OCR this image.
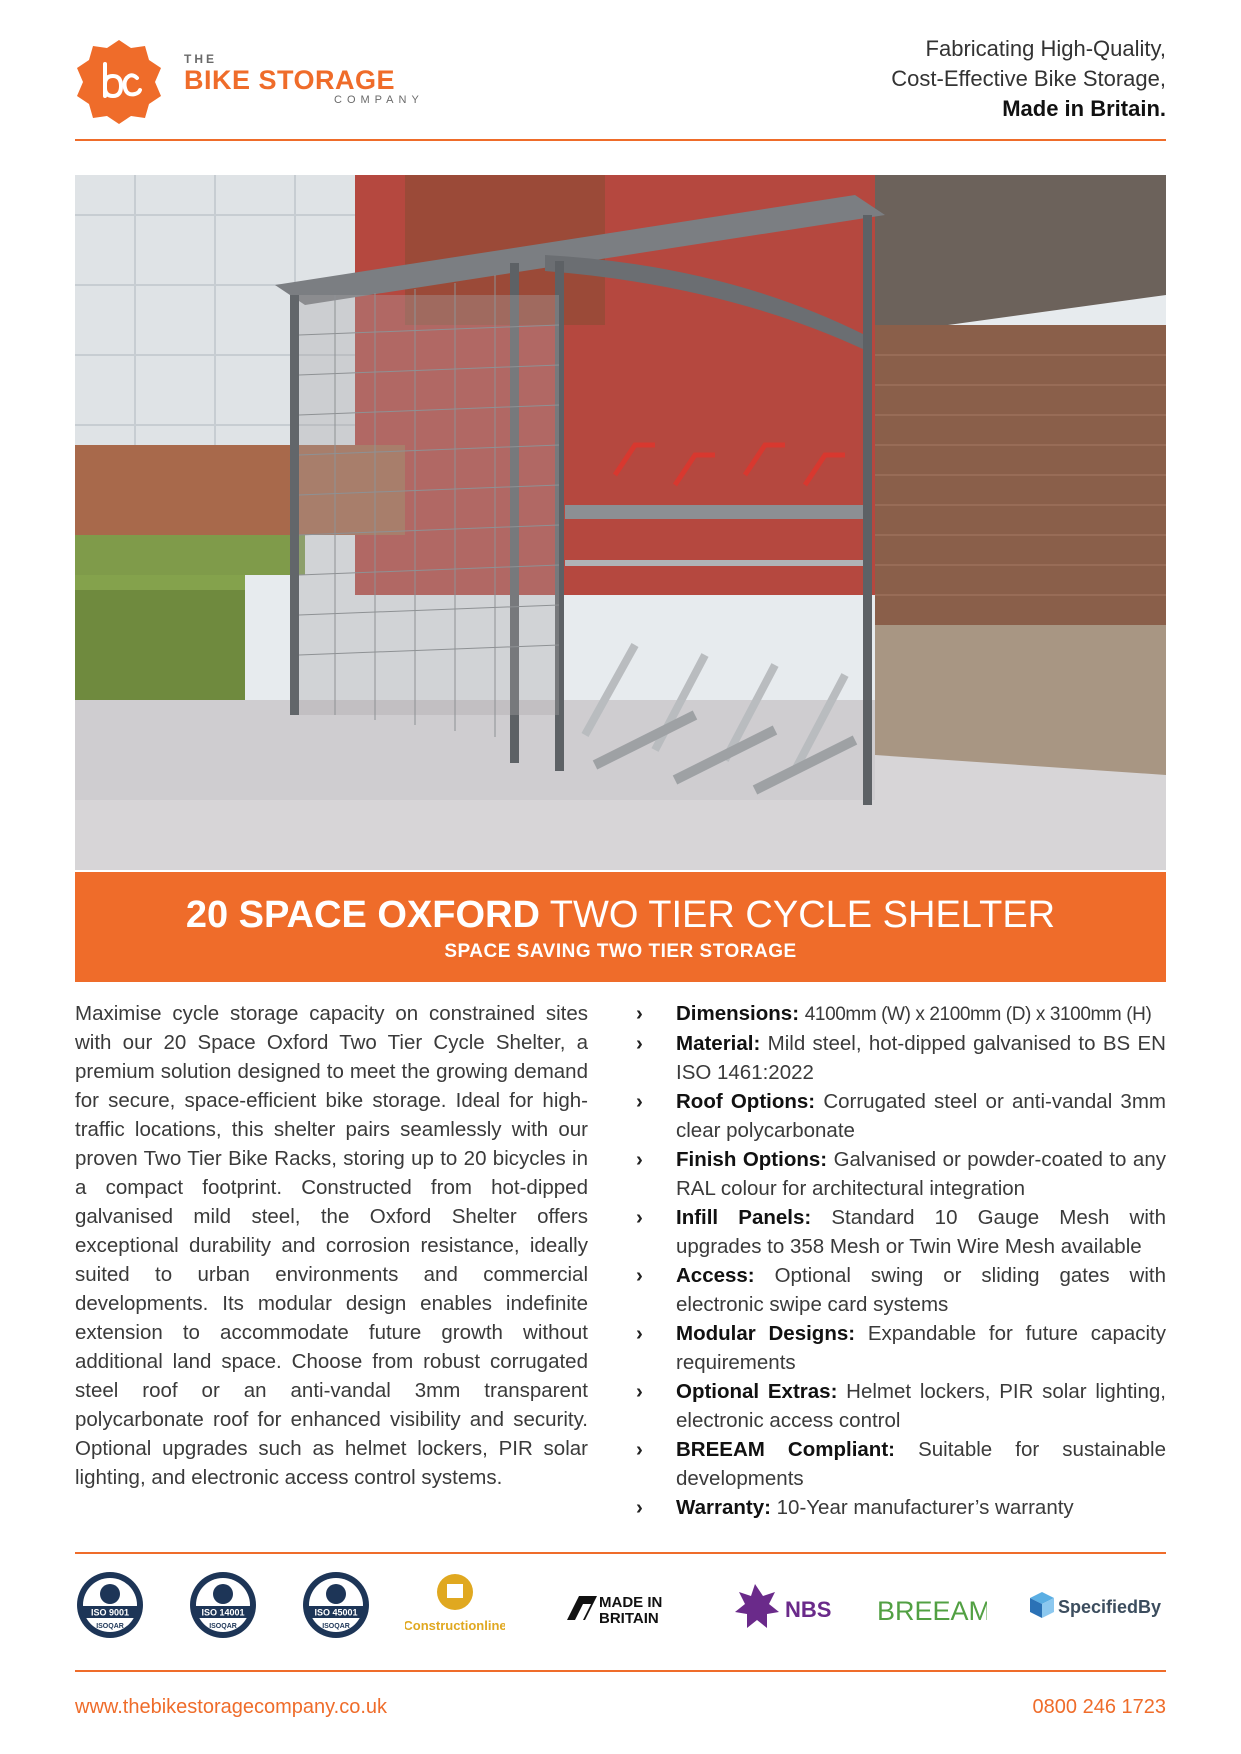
THE
BIKE STORAGE
COMPANY
Fabricating High-Quality,
Cost-Effective Bike Storage,
Made in Britain.
20 SPACE OXFORD TWO TIER CYCLE SHELTER
SPACE SAVING TWO TIER STORAGE
Maximise cycle storage capacity on constrained sites with our 20 Space Oxford Two Tier Cycle Shelter, a premium solution designed to meet the growing demand for secure, space-efficient bike storage. Ideal for high-traffic locations, this shelter pairs seamlessly with our proven Two Tier Bike Racks, storing up to 20 bicycles in a compact footprint. Constructed from hot-dipped galvanised mild steel, the Oxford Shelter offers exceptional durability and corrosion resistance, ideally suited to urban environments and commercial developments. Its modular design enables indefinite extension to accommodate future growth without additional land space. Choose from robust corrugated steel roof or an anti-vandal 3mm transparent polycarbonate roof for enhanced visibility and security. Optional upgrades such as helmet lockers, PIR solar lighting, and electronic access control systems.
› Dimensions: 4100mm (W) x 2100mm (D) x 3100mm (H)
› Material: Mild steel, hot-dipped galvanised to BS EN ISO 1461:2022
› Roof Options: Corrugated steel or anti-vandal 3mm clear polycarbonate
› Finish Options: Galvanised or powder-coated to any RAL colour for architectural integration
› Infill Panels: Standard 10 Gauge Mesh with upgrades to 358 Mesh or Twin Wire Mesh available
› Access: Optional swing or sliding gates with electronic swipe card systems
› Modular Designs: Expandable for future capacity requirements
› Optional Extras: Helmet lockers, PIR solar lighting, electronic access control
› BREEAM Compliant: Suitable for sustainable developments
› Warranty: 10-Year manufacturer’s warranty
ISO 9001
ISOQAR
ISO 14001
ISOQAR
ISO 45001
ISOQAR	Constructionline
MADE IN
BRITAIN	NBS BREEAM	SpecifiedBy
www.thebikestoragecompany.co.uk	0800 246 1723
